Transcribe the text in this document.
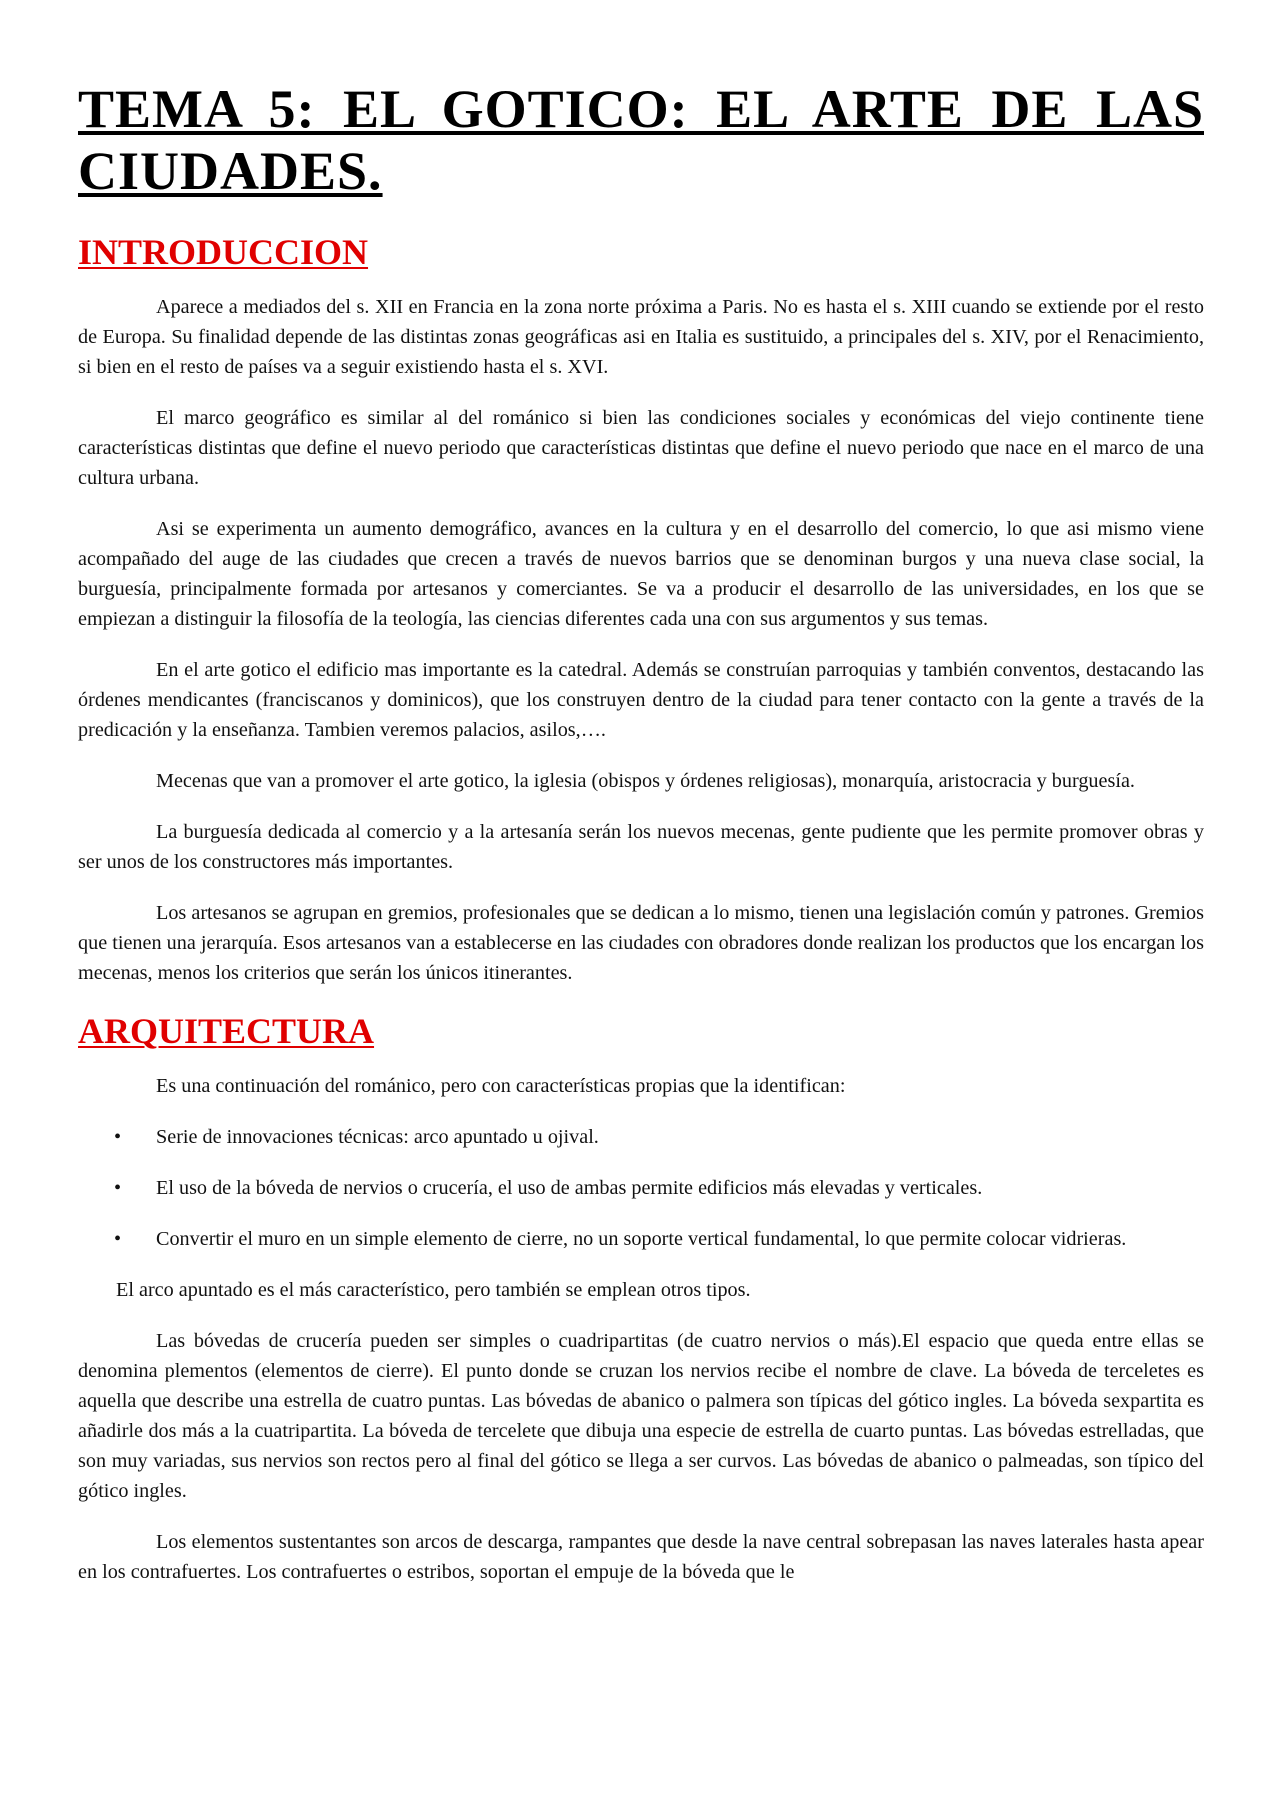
TEMA 5: EL GOTICO: EL ARTE DE LAS CIUDADES.
INTRODUCCION

Aparece a mediados del s. XII en Francia en la zona norte próxima a Paris. No es hasta el s. XIII cuando se extiende por el resto de Europa. Su finalidad depende de las distintas zonas geográficas asi en Italia es sustituido, a principales del s. XIV, por el Renacimiento, si bien en el resto de países va a seguir existiendo hasta el s. XVI.

El marco geográfico es similar al del románico si bien las condiciones sociales y económicas del viejo continente tiene características distintas que define el nuevo periodo que características distintas que define el nuevo periodo que nace en el marco de una cultura urbana.

Asi se experimenta un aumento demográfico, avances en la cultura y en el desarrollo del comercio, lo que asi mismo viene acompañado del auge de las ciudades que crecen a través de nuevos barrios que se denominan burgos y una nueva clase social, la burguesía, principalmente formada por artesanos y comerciantes. Se va a producir el desarrollo de las universidades, en los que se empiezan a distinguir la filosofía de la teología, las ciencias diferentes cada una con sus argumentos y sus temas.

En el arte gotico el edificio mas importante es la catedral. Además se construían parroquias y también conventos, destacando las órdenes mendicantes (franciscanos y dominicos), que los construyen dentro de la ciudad para tener contacto con la gente a través de la predicación y la enseñanza. Tambien veremos palacios, asilos,….

Mecenas que van a promover el arte gotico, la iglesia (obispos y órdenes religiosas), monarquía, aristocracia y burguesía.

La burguesía dedicada al comercio y a la artesanía serán los nuevos mecenas, gente pudiente que les permite promover obras y ser unos de los constructores más importantes.

Los artesanos se agrupan en gremios, profesionales que se dedican a lo mismo, tienen una legislación común y patrones. Gremios que tienen una jerarquía. Esos artesanos van a establecerse en las ciudades con obradores donde realizan los productos que los encargan los mecenas, menos los criterios que serán los únicos itinerantes.

ARQUITECTURA

Es una continuación del románico, pero con características propias que la identifican:

•	Serie de innovaciones técnicas: arco apuntado u ojival.
•	El uso de la bóveda de nervios o crucería, el uso de ambas permite edificios más elevadas y verticales.
•	Convertir el muro en un simple elemento de cierre, no un soporte vertical fundamental, lo que permite colocar vidrieras.

El arco apuntado es el más característico, pero también se emplean otros tipos.

Las bóvedas de crucería pueden ser simples o cuadripartitas (de cuatro nervios o más).El espacio que queda entre ellas se denomina plementos (elementos de cierre). El punto donde se cruzan los nervios recibe el nombre de clave. La bóveda de terceletes es aquella que describe una estrella de cuatro puntas. Las bóvedas de abanico o palmera son típicas del gótico ingles. La bóveda sexpartita es añadirle dos más a la cuatripartita. La bóveda de tercelete que dibuja una especie de estrella de cuarto puntas. Las bóvedas estrelladas, que son muy variadas, sus nervios son rectos pero al final del gótico se llega a ser curvos. Las bóvedas de abanico o palmeadas, son típico del gótico ingles.

Los elementos sustentantes son arcos de descarga, rampantes que desde la nave central sobrepasan las naves laterales hasta apear en los contrafuertes. Los contrafuertes o estribos, soportan el empuje de la bóveda que le
